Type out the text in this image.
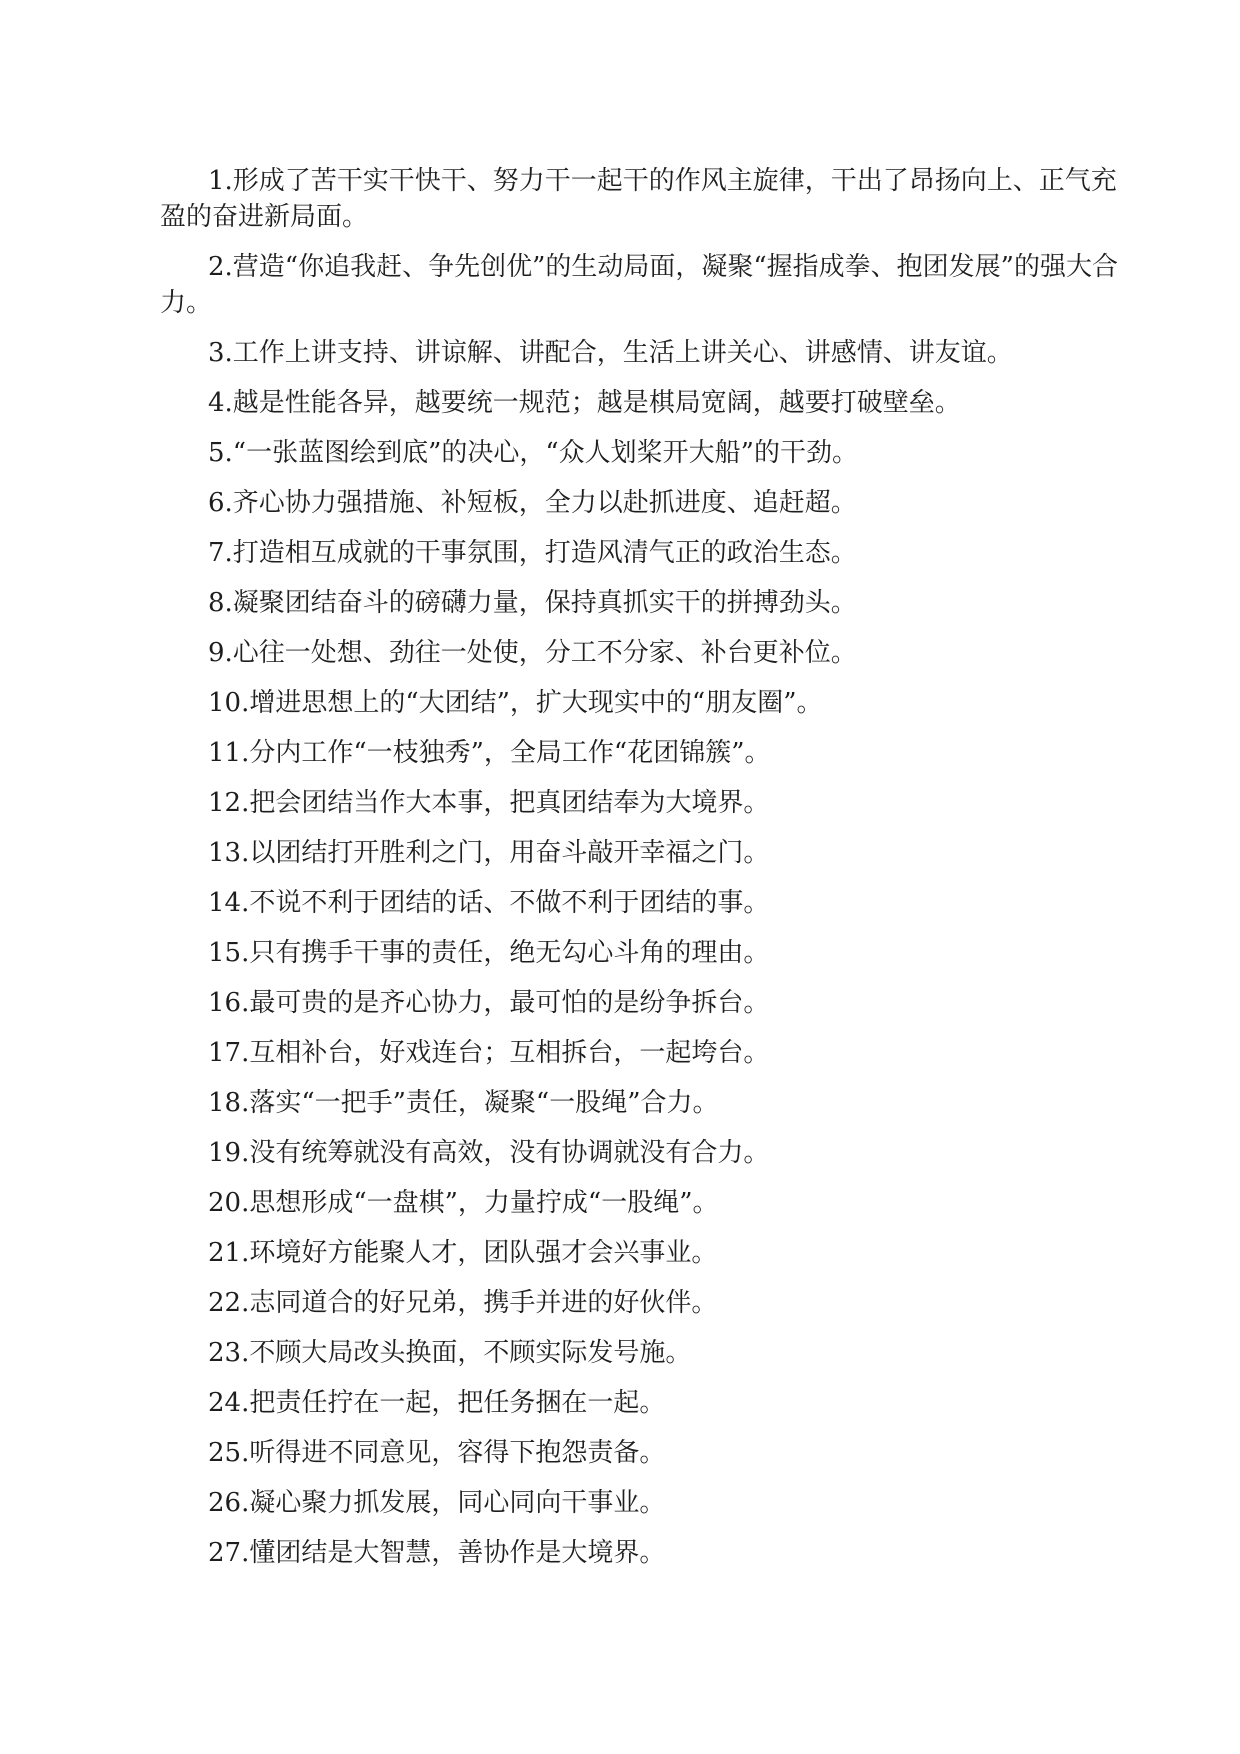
1.形成了苦干实干快干、努力干一起干的作风主旋律，干出了昂扬向上、正气充盈的奋进新局面。

2.营造“你追我赶、争先创优”的生动局面，凝聚“握指成拳、抱团发展”的强大合力。

3.工作上讲支持、讲谅解、讲配合，生活上讲关心、讲感情、讲友谊。

4.越是性能各异，越要统一规范；越是棋局宽阔，越要打破壁垒。

5.“一张蓝图绘到底”的决心，“众人划桨开大船”的干劲。

6.齐心协力强措施、补短板，全力以赴抓进度、追赶超。

7.打造相互成就的干事氛围，打造风清气正的政治生态。

8.凝聚团结奋斗的磅礴力量，保持真抓实干的拼搏劲头。

9.心往一处想、劲往一处使，分工不分家、补台更补位。

10.增进思想上的“大团结”，扩大现实中的“朋友圈”。

11.分内工作“一枝独秀”，全局工作“花团锦簇”。

12.把会团结当作大本事，把真团结奉为大境界。

13.以团结打开胜利之门，用奋斗敲开幸福之门。

14.不说不利于团结的话、不做不利于团结的事。

15.只有携手干事的责任，绝无勾心斗角的理由。

16.最可贵的是齐心协力，最可怕的是纷争拆台。

17.互相补台，好戏连台；互相拆台，一起垮台。

18.落实“一把手”责任，凝聚“一股绳”合力。

19.没有统筹就没有高效，没有协调就没有合力。

20.思想形成“一盘棋”，力量拧成“一股绳”。

21.环境好方能聚人才，团队强才会兴事业。

22.志同道合的好兄弟，携手并进的好伙伴。

23.不顾大局改头换面，不顾实际发号施。

24.把责任拧在一起，把任务捆在一起。

25.听得进不同意见，容得下抱怨责备。

26.凝心聚力抓发展，同心同向干事业。

27.懂团结是大智慧，善协作是大境界。
